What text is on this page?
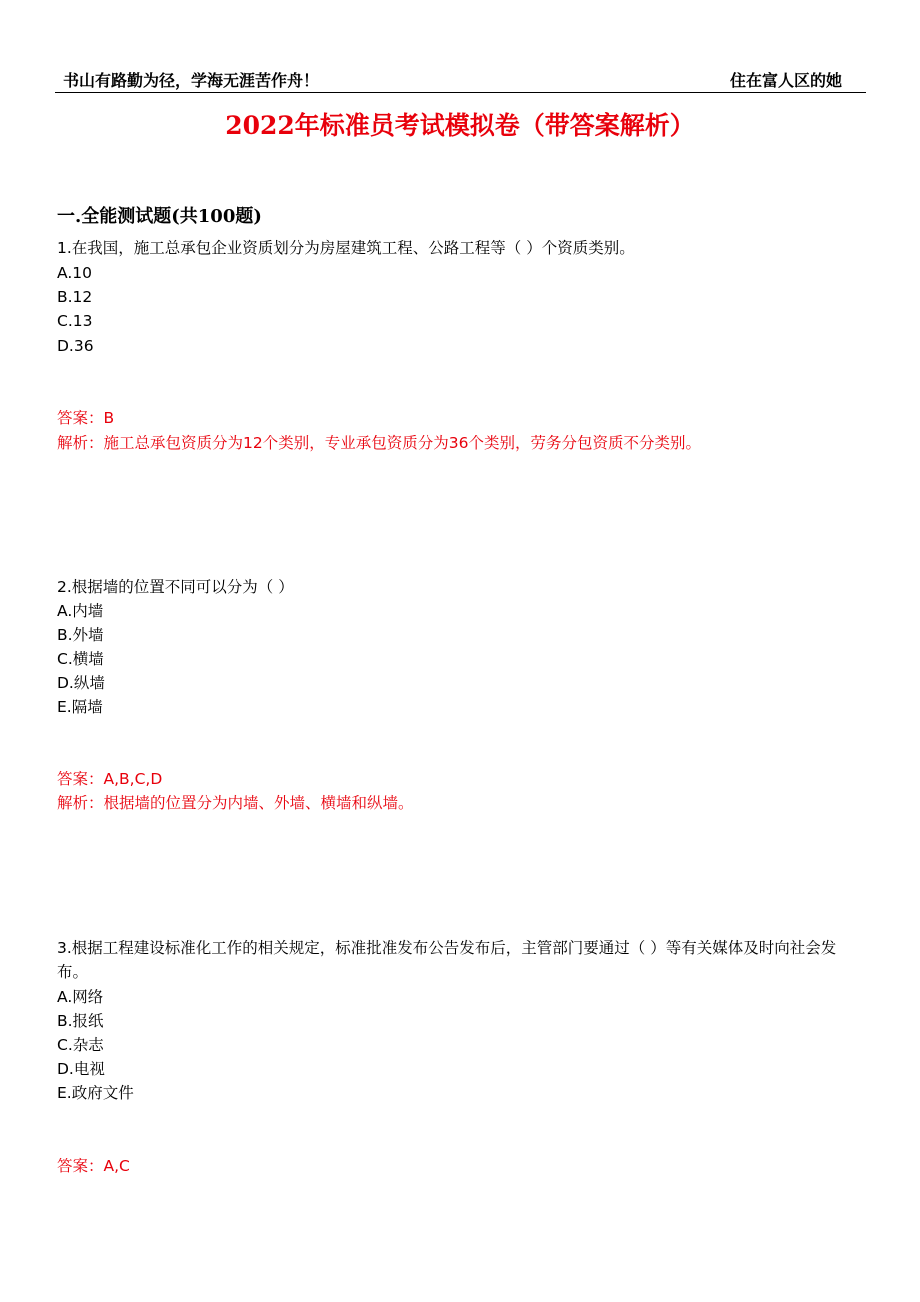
书山有路勤为径，学海无涯苦作舟！	住在富人区的她
2022年标准员考试模拟卷（带答案解析）
一.全能测试题(共100题)
1.在我国，施工总承包企业资质划分为房屋建筑工程、公路工程等（ ）个资质类别。
A.10
B.12
C.13
D.36
答案：B
解析：施工总承包资质分为12个类别，专业承包资质分为36个类别，劳务分包资质不分类别。
2.根据墙的位置不同可以分为（ ）
A.内墙
B.外墙
C.横墙
D.纵墙
E.隔墙
答案：A,B,C,D
解析：根据墙的位置分为内墙、外墙、横墙和纵墙。
3.根据工程建设标准化工作的相关规定，标准批准发布公告发布后，主管部门要通过（ ）等有关媒体及时向社会发布。
A.网络
B.报纸
C.杂志
D.电视
E.政府文件
答案：A,C
